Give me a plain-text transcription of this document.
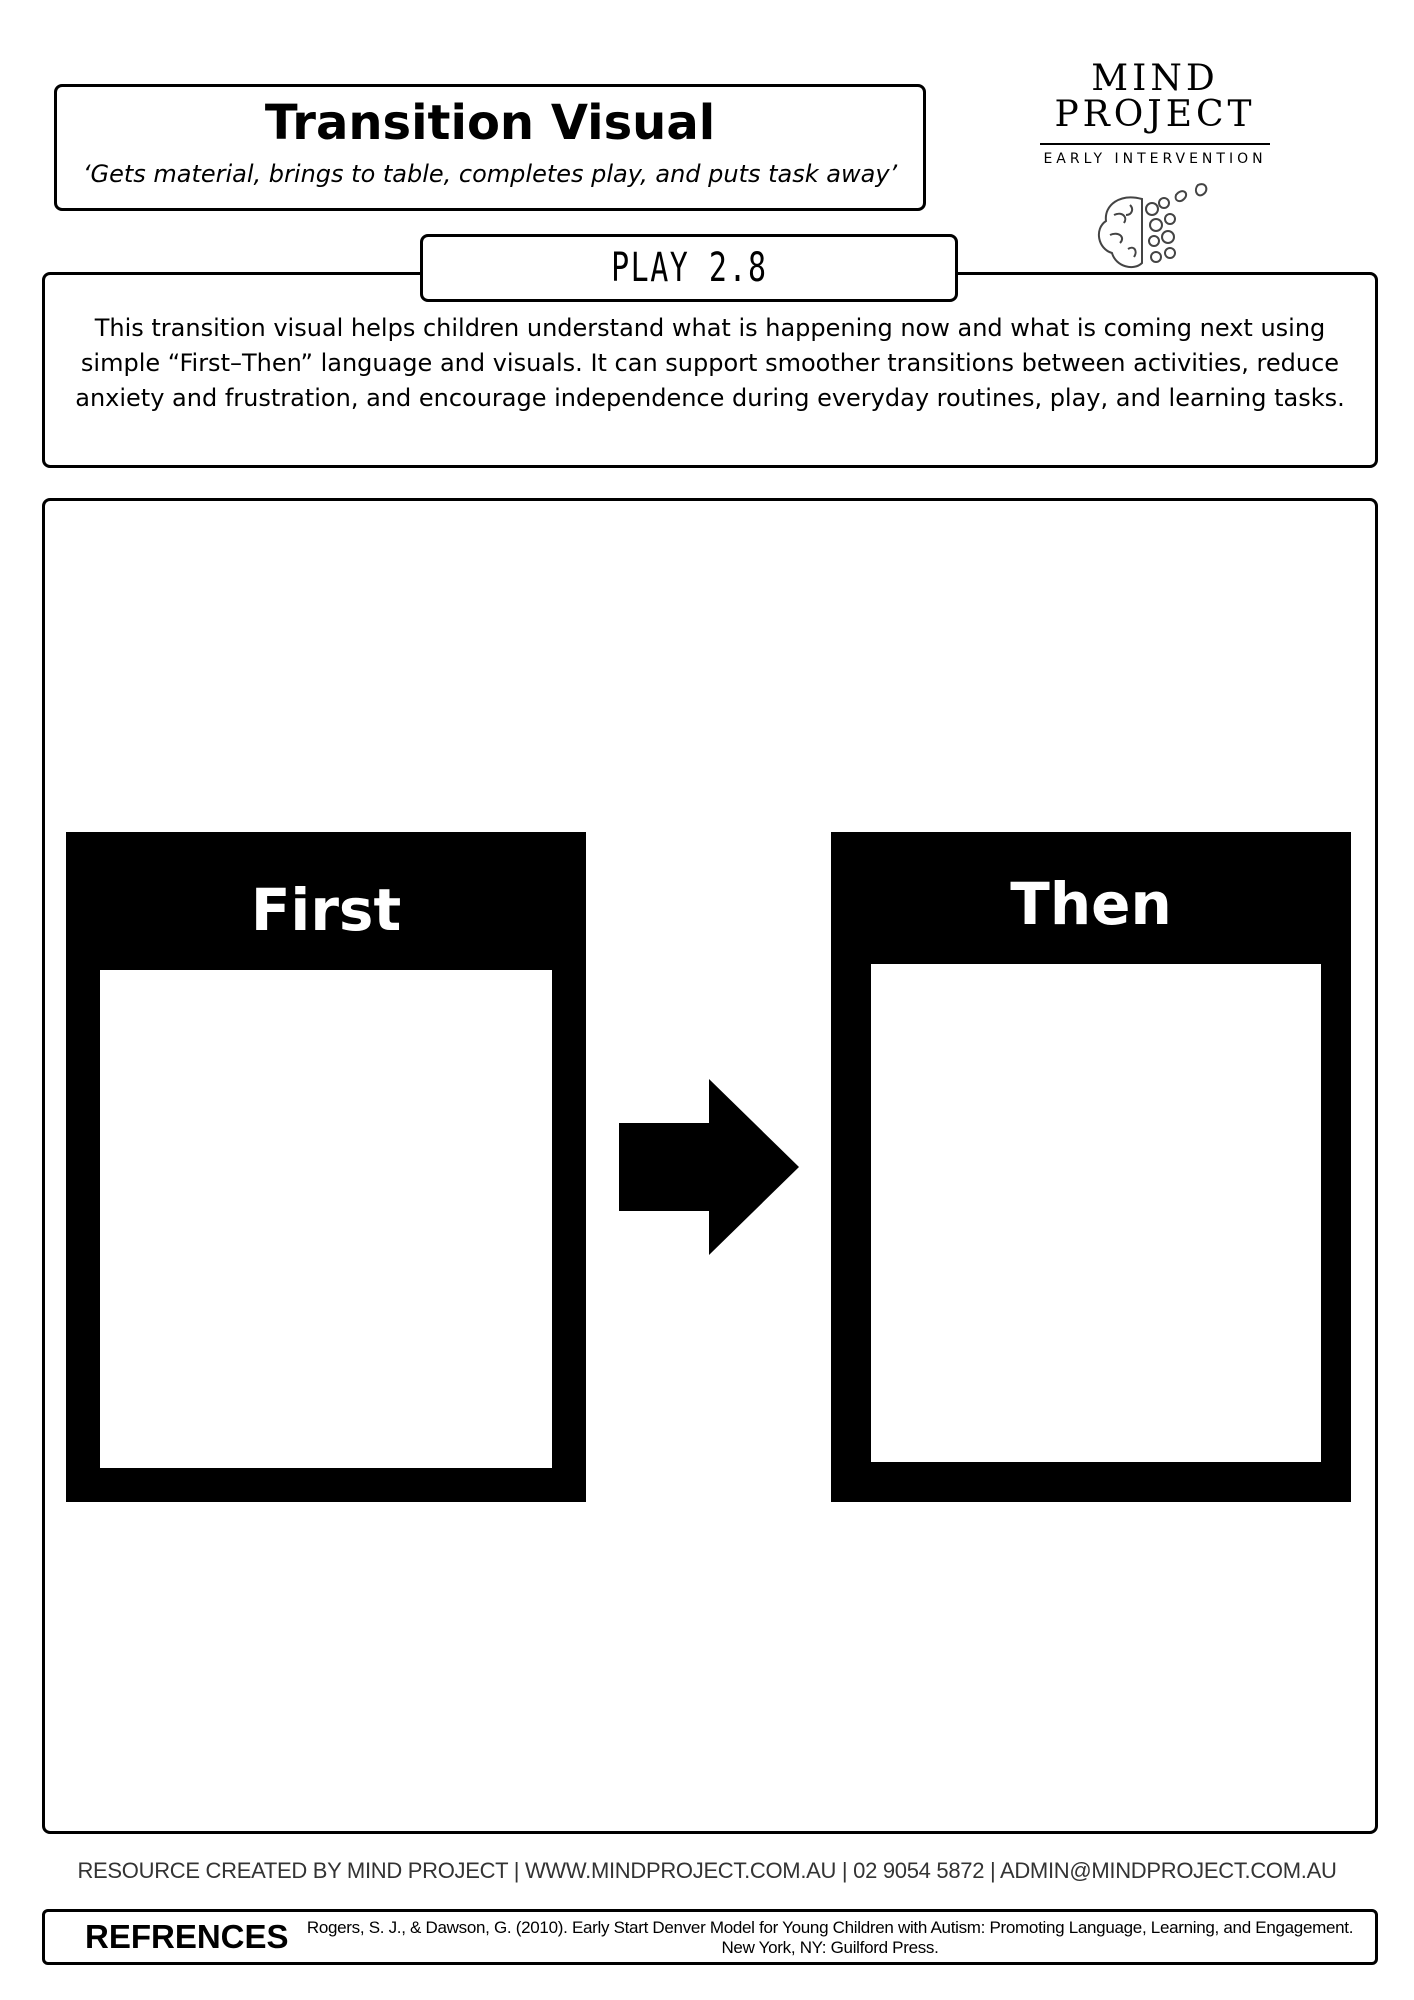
Transition Visual
‘Gets material, brings to table, completes play, and puts task away’
MIND PROJECT
EARLY INTERVENTION
PLAY 2.8
This transition visual helps children understand what is happening now and what is coming next using simple “First–Then” language and visuals. It can support smoother transitions between activities, reduce anxiety and frustration, and encourage independence during everyday routines, play, and learning tasks.
First	Then
RESOURCE CREATED BY MIND PROJECT | WWW.MINDPROJECT.COM.AU | 02 9054 5872 | ADMIN@MINDPROJECT.COM.AU
REFRENCES Rogers, S. J., & Dawson, G. (2010). Early Start Denver Model for Young Children with Autism: Promoting Language, Learning, and Engagement. New York, NY: Guilford Press.
